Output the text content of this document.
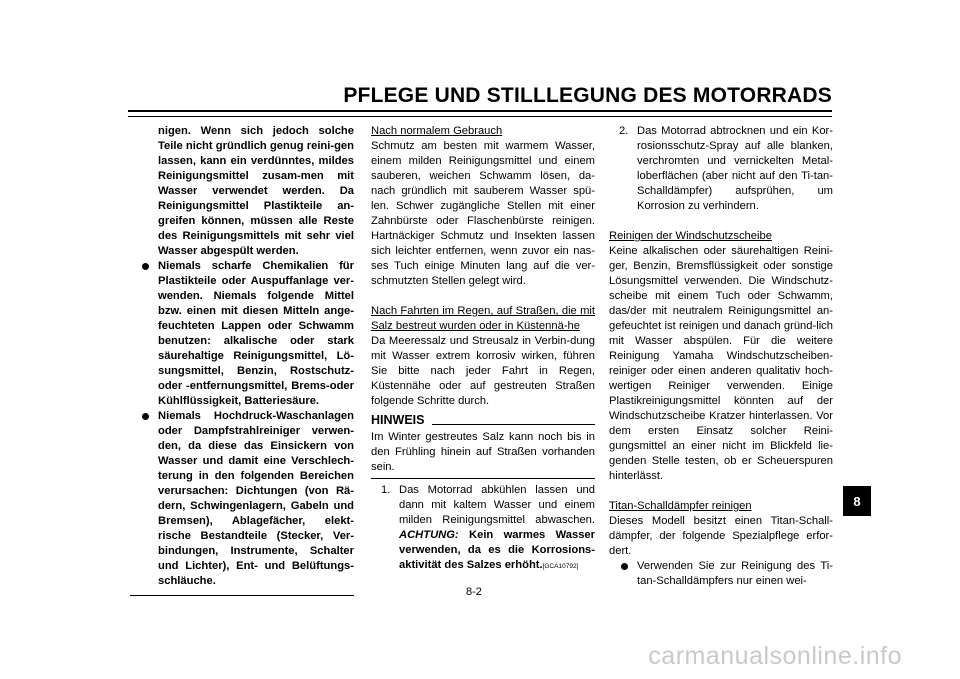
PFLEGE UND STILLLEGUNG DES MOTORRADS
8

nigen. Wenn sich jedoch solche Teile nicht gründlich genug reini-gen lassen, kann ein verdünntes, mildes Reinigungsmittel zusam-men mit Wasser verwendet werden. Da Reinigungsmittel Plastikteile an-greifen können, müssen alle Reste des Reinigungsmittels mit sehr viel Wasser abgespült werden.

Niemals scharfe Chemikalien für Plastikteile oder Auspuffanlage ver-wenden. Niemals folgende Mittel bzw. einen mit diesen Mitteln ange-feuchteten Lappen oder Schwamm benutzen: alkalische oder stark säurehaltige Reinigungsmittel, Lö-sungsmittel, Benzin, Rostschutz-oder -entfernungsmittel, Brems-oder Kühlflüssigkeit, Batteriesäure.

Niemals Hochdruck-Waschanlagen oder Dampfstrahlreiniger verwen-den, da diese das Einsickern von Wasser und damit eine Verschlech-terung in den folgenden Bereichen verursachen: Dichtungen (von Rä-dern, Schwingenlagern, Gabeln und Bremsen), Ablagefächer, elekt-rische Bestandteile (Stecker, Ver-bindungen, Instrumente, Schalter und Lichter), Ent- und Belüftungs-schläuche.

Nach normalem Gebrauch

Schmutz am besten mit warmem Wasser, einem milden Reinigungsmittel und einem sauberen, weichen Schwamm lösen, da-nach gründlich mit sauberem Wasser spü-len. Schwer zugängliche Stellen mit einer Zahnbürste oder Flaschenbürste reinigen. Hartnäckiger Schmutz und Insekten lassen sich leichter entfernen, wenn zuvor ein nas-ses Tuch einige Minuten lang auf die ver-schmutzten Stellen gelegt wird.

Nach Fahrten im Regen, auf Straßen, die mit Salz bestreut wurden oder in Küstennä-he

Da Meeressalz und Streusalz in Verbin-dung mit Wasser extrem korrosiv wirken, führen Sie bitte nach jeder Fahrt in Regen, Küstennähe oder auf gestreuten Straßen folgende Schritte durch.

HINWEIS

Im Winter gestreutes Salz kann noch bis in den Frühling hinein auf Straßen vorhanden sein.

1. Das Motorrad abkühlen lassen und dann mit kaltem Wasser und einem milden Reinigungsmittel abwaschen. ACHTUNG: Kein warmes Wasser verwenden, da es die Korrosions-aktivität des Salzes erhöht.[GCA10792]

2. Das Motorrad abtrocknen und ein Kor-rosionsschutz-Spray auf alle blanken, verchromten und vernickelten Metal-loberflächen (aber nicht auf den Ti-tan-Schalldämpfer) aufsprühen, um Korrosion zu verhindern.

Reinigen der Windschutzscheibe

Keine alkalischen oder säurehaltigen Reini-ger, Benzin, Bremsflüssigkeit oder sonstige Lösungsmittel verwenden. Die Windschutz-scheibe mit einem Tuch oder Schwamm, das/der mit neutralem Reinigungsmittel an-gefeuchtet ist reinigen und danach gründ-lich mit Wasser abspülen. Für die weitere Reinigung Yamaha Windschutzscheiben-reiniger oder einen anderen qualitativ hoch-wertigen Reiniger verwenden. Einige Plastikreinigungsmittel könnten auf der Windschutzscheibe Kratzer hinterlassen. Vor dem ersten Einsatz solcher Reini-gungsmittel an einer nicht im Blickfeld lie-genden Stelle testen, ob er Scheuerspuren hinterlässt.

Titan-Schalldämpfer reinigen

Dieses Modell besitzt einen Titan-Schall-dämpfer, der folgende Spezialpflege erfor-dert.

Verwenden Sie zur Reinigung des Ti-tan-Schalldämpfers nur einen wei-

8-2
carmanualsonline.info
